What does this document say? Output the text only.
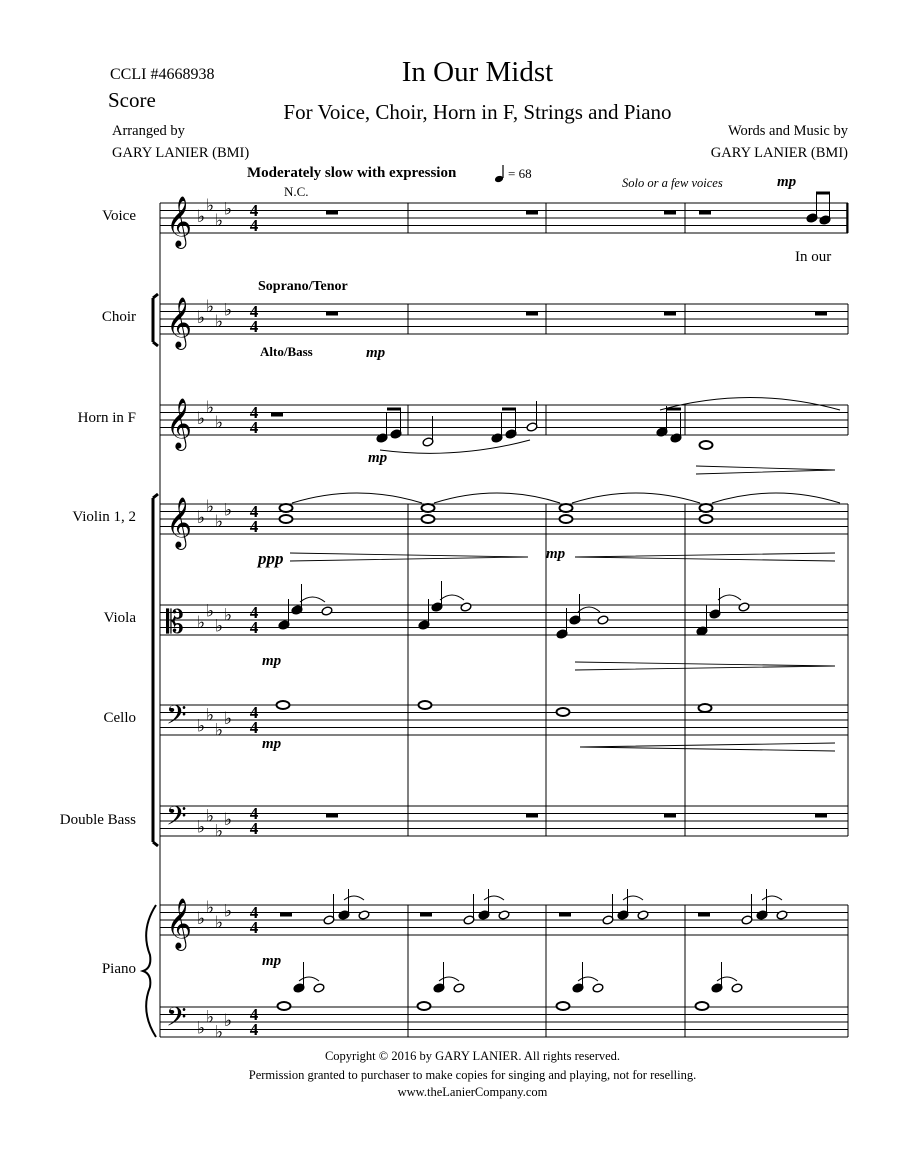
CCLI #4668938
Score
Arranged by
GARY LANIER (BMI)
In Our Midst
For Voice, Choir, Horn in F, Strings and Piano
Words and Music by
GARY LANIER (BMI)
Moderately slow with expression	= 68
N.C.
Solo or a few voices
In our
Soprano/Tenor
Alto/Bass
mp
mp
mp
ppp	mp
mp
mp
mp
Voice
Choir
Horn in F
Violin 1, 2
Viola
Cello
Double Bass
Piano
𝄞 ♭
♭
♭
♭ 4
4
𝄞 ♭
♭
♭
♭ 4
4
𝄞 ♭
♭
♭
4
4
𝄞 ♭
♭
♭
♭ 4
4
𝄡 ♭
♭
♭
♭ 4
4
𝄢 ♭
♭
♭
♭ 4
4
𝄢 ♭
♭
♭
♭ 4
4
𝄞 ♭
♭
♭
♭ 4
4
𝄢 ♭
♭
♭
♭ 4
4
Copyright © 2016 by GARY LANIER. All rights reserved.
Permission granted to purchaser to make copies for singing and playing, not for reselling.
www.theLanierCompany.com
